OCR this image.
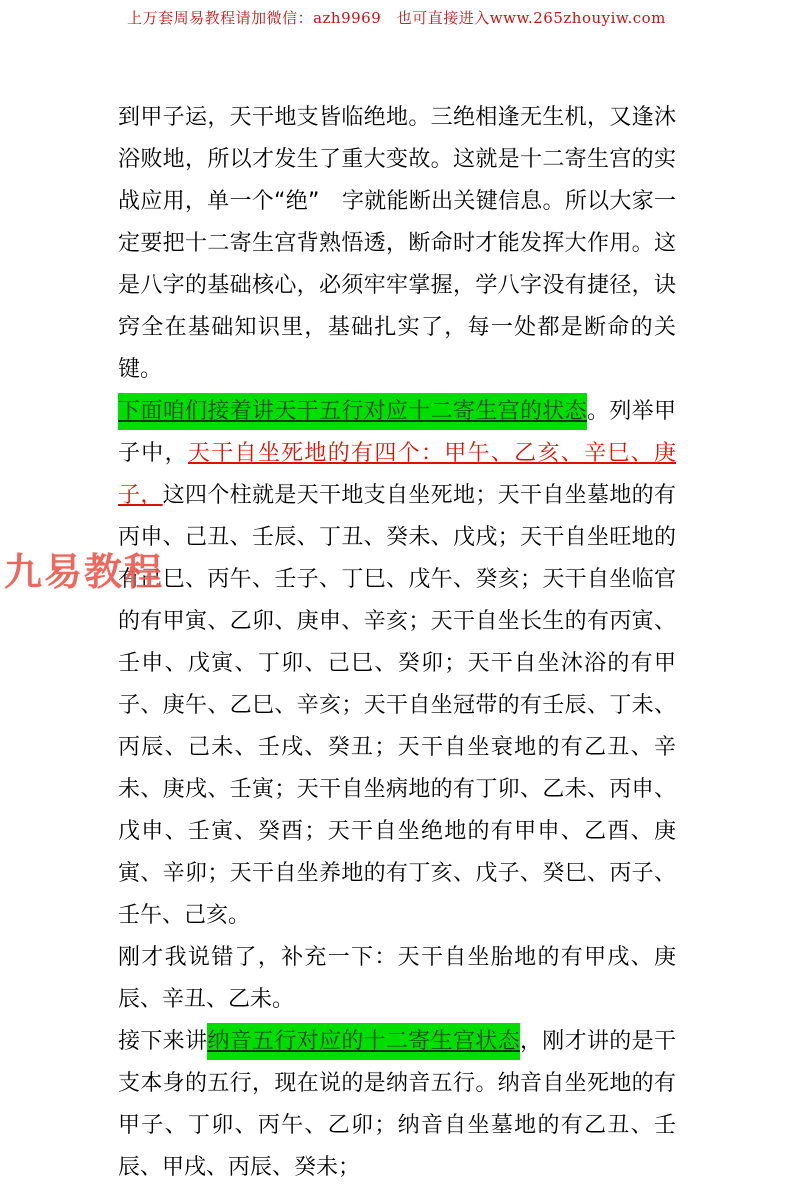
上万套周易教程请加微信：azh9969　也可直接进入www.265zhouyiw.com
九易教程

到甲子运，天干地支皆临绝地。三绝相逢无生机，又逢沐浴败地，所以才发生了重大变故。这就是十二寄生宫的实战应用，单一个“绝”　字就能断出关键信息。所以大家一定要把十二寄生宫背熟悟透，断命时才能发挥大作用。这是八字的基础核心，必须牢牢掌握，学八字没有捷径，诀窍全在基础知识里，基础扎实了，每一处都是断命的关键。

下面咱们接着讲天干五行对应十二寄生宫的状态。列举甲子中，天干自坐死地的有四个：甲午、乙亥、辛巳、庚子，这四个柱就是天干地支自坐死地；天干自坐墓地的有丙申、己丑、壬辰、丁丑、癸未、戊戌；天干自坐旺地的有己巳、丙午、壬子、丁巳、戊午、癸亥；天干自坐临官的有甲寅、乙卯、庚申、辛亥；天干自坐长生的有丙寅、壬申、戊寅、丁卯、己巳、癸卯；天干自坐沐浴的有甲子、庚午、乙巳、辛亥；天干自坐冠带的有壬辰、丁未、丙辰、己未、壬戌、癸丑；天干自坐衰地的有乙丑、辛未、庚戌、壬寅；天干自坐病地的有丁卯、乙未、丙申、戊申、壬寅、癸酉；天干自坐绝地的有甲申、乙酉、庚寅、辛卯；天干自坐养地的有丁亥、戊子、癸巳、丙子、壬午、己亥。

刚才我说错了，补充一下：天干自坐胎地的有甲戌、庚辰、辛丑、乙未。

接下来讲纳音五行对应的十二寄生宫状态，刚才讲的是干支本身的五行，现在说的是纳音五行。纳音自坐死地的有甲子、丁卯、丙午、乙卯；纳音自坐墓地的有乙丑、壬辰、甲戌、丙辰、癸未；
